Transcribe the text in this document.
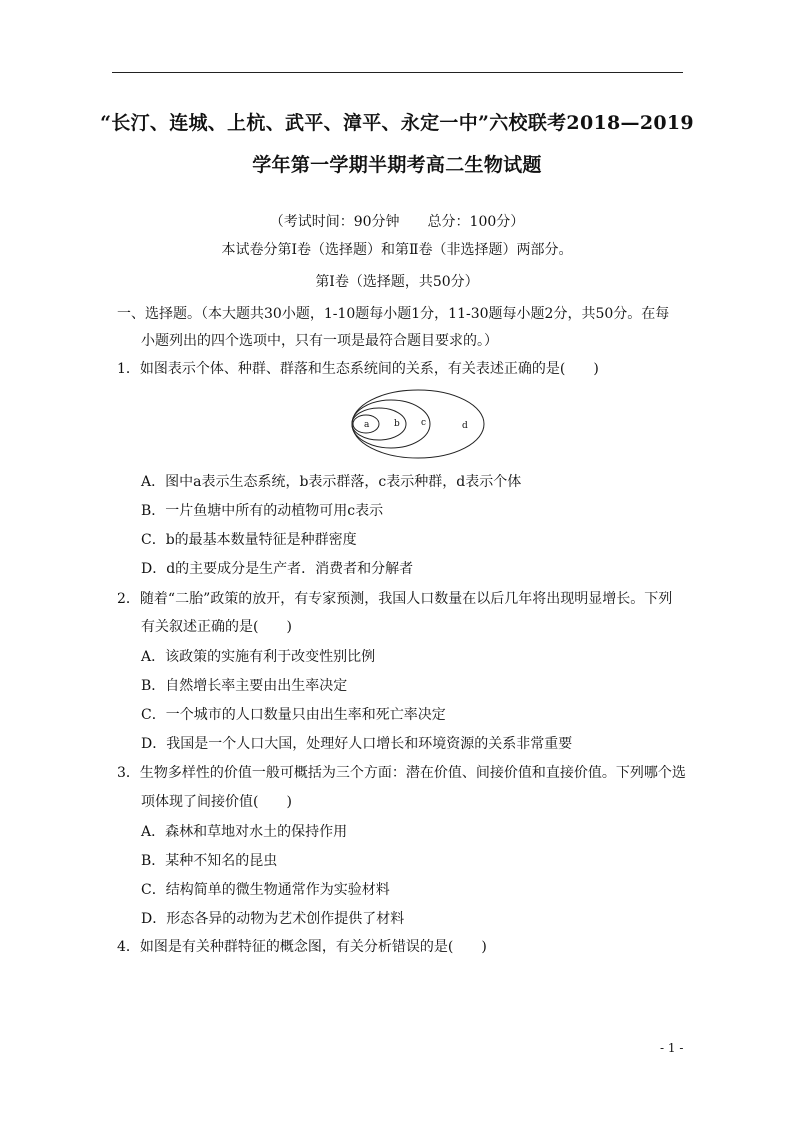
“长汀、连城、上杭、武平、漳平、永定一中”六校联考2018—2019
学年第一学期半期考高二生物试题
（考试时间：90分钟　　总分：100分）
本试卷分第Ⅰ卷（选择题）和第Ⅱ卷（非选择题）两部分。
第Ⅰ卷（选择题，共50分）
一、选择题。（本大题共30小题，1-10题每小题1分，11-30题每小题2分，共50分。在每
小题列出的四个选项中，只有一项是最符合题目要求的。）
1．如图表示个体、种群、群落和生态系统间的关系，有关表述正确的是(　　)
a	b c	d
A．图中a表示生态系统，b表示群落，c表示种群，d表示个体
B．一片鱼塘中所有的动植物可用c表示
C．b的最基本数量特征是种群密度
D．d的主要成分是生产者．消费者和分解者
2．随着“二胎”政策的放开，有专家预测，我国人口数量在以后几年将出现明显增长。下列
有关叙述正确的是(　　)
A．该政策的实施有利于改变性别比例
B．自然增长率主要由出生率决定
C．一个城市的人口数量只由出生率和死亡率决定
D．我国是一个人口大国，处理好人口增长和环境资源的关系非常重要
3．生物多样性的价值一般可概括为三个方面：潜在价值、间接价值和直接价值。下列哪个选
项体现了间接价值(　　)
A．森林和草地对水土的保持作用
B．某种不知名的昆虫
C．结构简单的微生物通常作为实验材料
D．形态各异的动物为艺术创作提供了材料
4．如图是有关种群特征的概念图，有关分析错误的是(　　)
- 1 -
